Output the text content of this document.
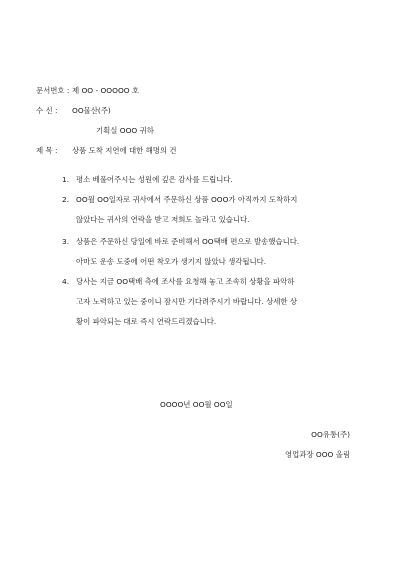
문서번호 : 제 OO - OOOOO 호
수 신 : OO물산(주)
기획실 OOO 귀하
제 목 : 상품 도착 지연에 대한 해명의 건
1. 평소 베풀어주시는 성원에 깊은 감사를 드립니다.
2. OO월 OO일자로 귀사에서 주문하신 상품 OOO가 아직까지 도착하지
않았다는 귀사의 연락을 받고 저희도 놀라고 있습니다.
3. 상품은 주문하신 당일에 바로 준비해서 OO택배 편으로 발송했습니다.
아마도 운송 도중에 어떤 착오가 생기지 않았나 생각됩니다.
4. 당사는 지금 OO택배 측에 조사를 요청해 놓고 조속히 상황을 파악하
고자 노력하고 있는 중이니 잠시만 기다려주시기 바랍니다. 상세한 상
황이 파악되는 대로 즉시 연락드리겠습니다.
OOOO년 OO월 OO일
OO유통(주)
영업과장 OOO 올림
